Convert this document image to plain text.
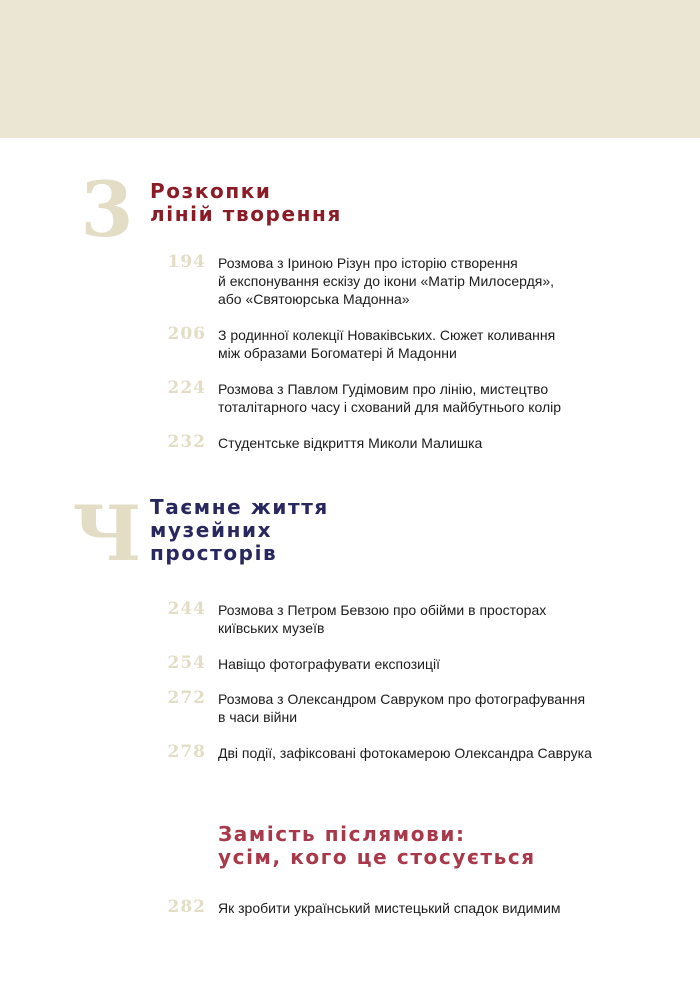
3 Розкопки
ліній творення
194 Розмова з Іриною Різун про історію створення
й експонування ескізу до ікони «Матір Милосердя»,
або «Святоюрська Мадонна»
206 З родинної колекції Новаківських. Сюжет коливання
між образами Богоматері й Мадонни
224 Розмова з Павлом Гудімовим про лінію, мистецтво
тоталітарного часу і схований для майбутнього колір
232 Студентське відкриття Миколи Малишка
Ч Таємне життя
музейних
просторів
244 Розмова з Петром Бевзою про обійми в просторах
київських музеїв
254 Навіщо фотографувати експозиції
272 Розмова з Олександром Савруком про фотографування
в часи війни
278 Дві події, зафіксовані фотокамерою Олександра Саврука
Замість післямови:
усім, кого це стосується
282 Як зробити український мистецький спадок видимим
